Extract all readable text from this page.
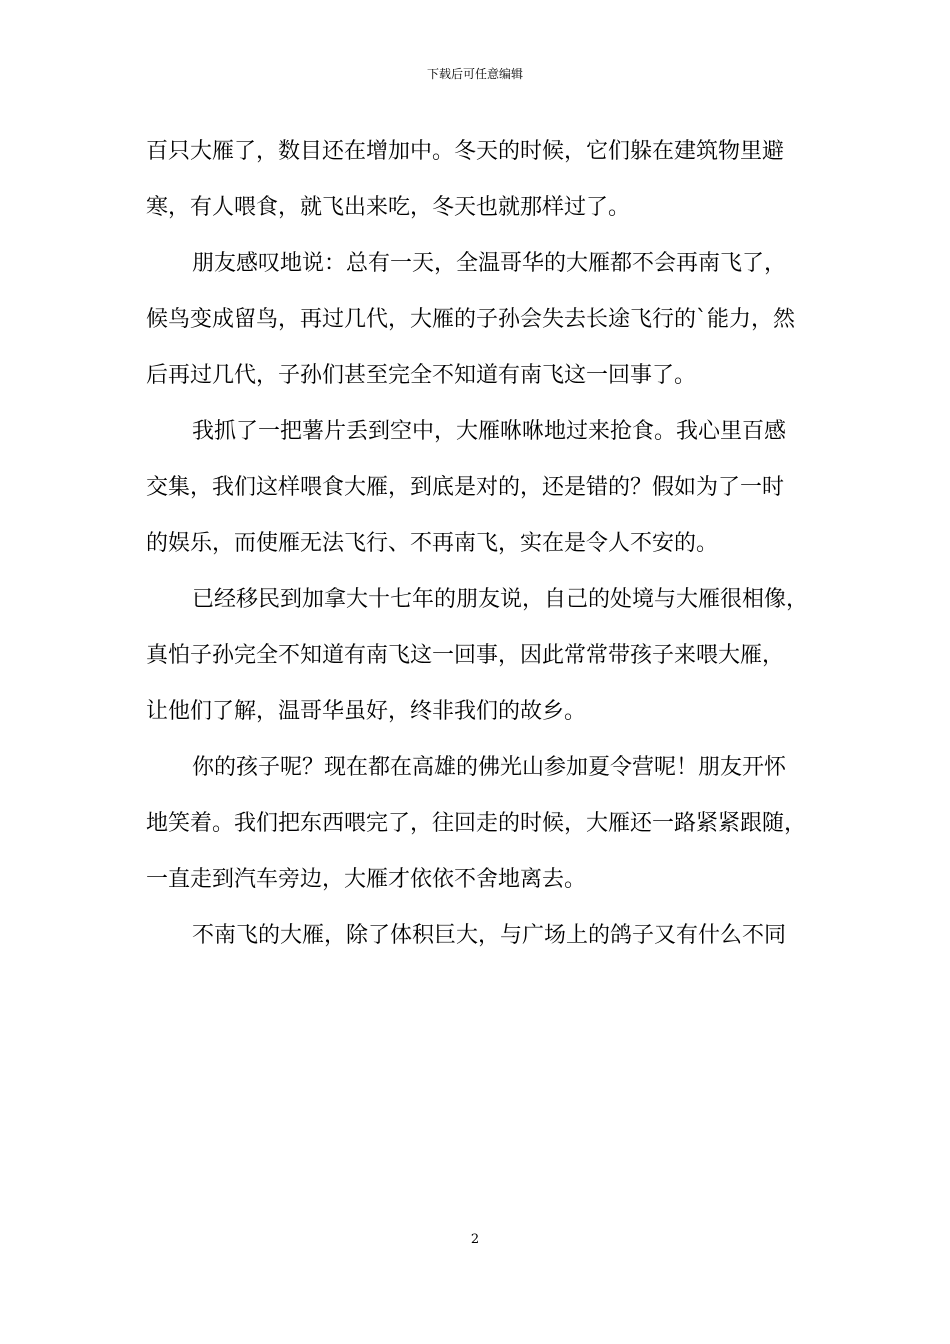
下载后可任意编辑
百只大雁了，数目还在增加中。冬天的时候，它们躲在建筑物里避
寒，有人喂食，就飞出来吃，冬天也就那样过了。
朋友感叹地说：总有一天，全温哥华的大雁都不会再南飞了，
候鸟变成留鸟，再过几代，大雁的子孙会失去长途飞行的`能力，然
后再过几代，子孙们甚至完全不知道有南飞这一回事了。
我抓了一把薯片丢到空中，大雁咻咻地过来抢食。我心里百感
交集，我们这样喂食大雁，到底是对的，还是错的？假如为了一时
的娱乐，而使雁无法飞行、不再南飞，实在是令人不安的。
已经移民到加拿大十七年的朋友说，自己的处境与大雁很相像，
真怕子孙完全不知道有南飞这一回事，因此常常带孩子来喂大雁，
让他们了解，温哥华虽好，终非我们的故乡。
你的孩子呢？现在都在高雄的佛光山参加夏令营呢！朋友开怀
地笑着。我们把东西喂完了，往回走的时候，大雁还一路紧紧跟随，
一直走到汽车旁边，大雁才依依不舍地离去。
不南飞的大雁，除了体积巨大，与广场上的鸽子又有什么不同
2
